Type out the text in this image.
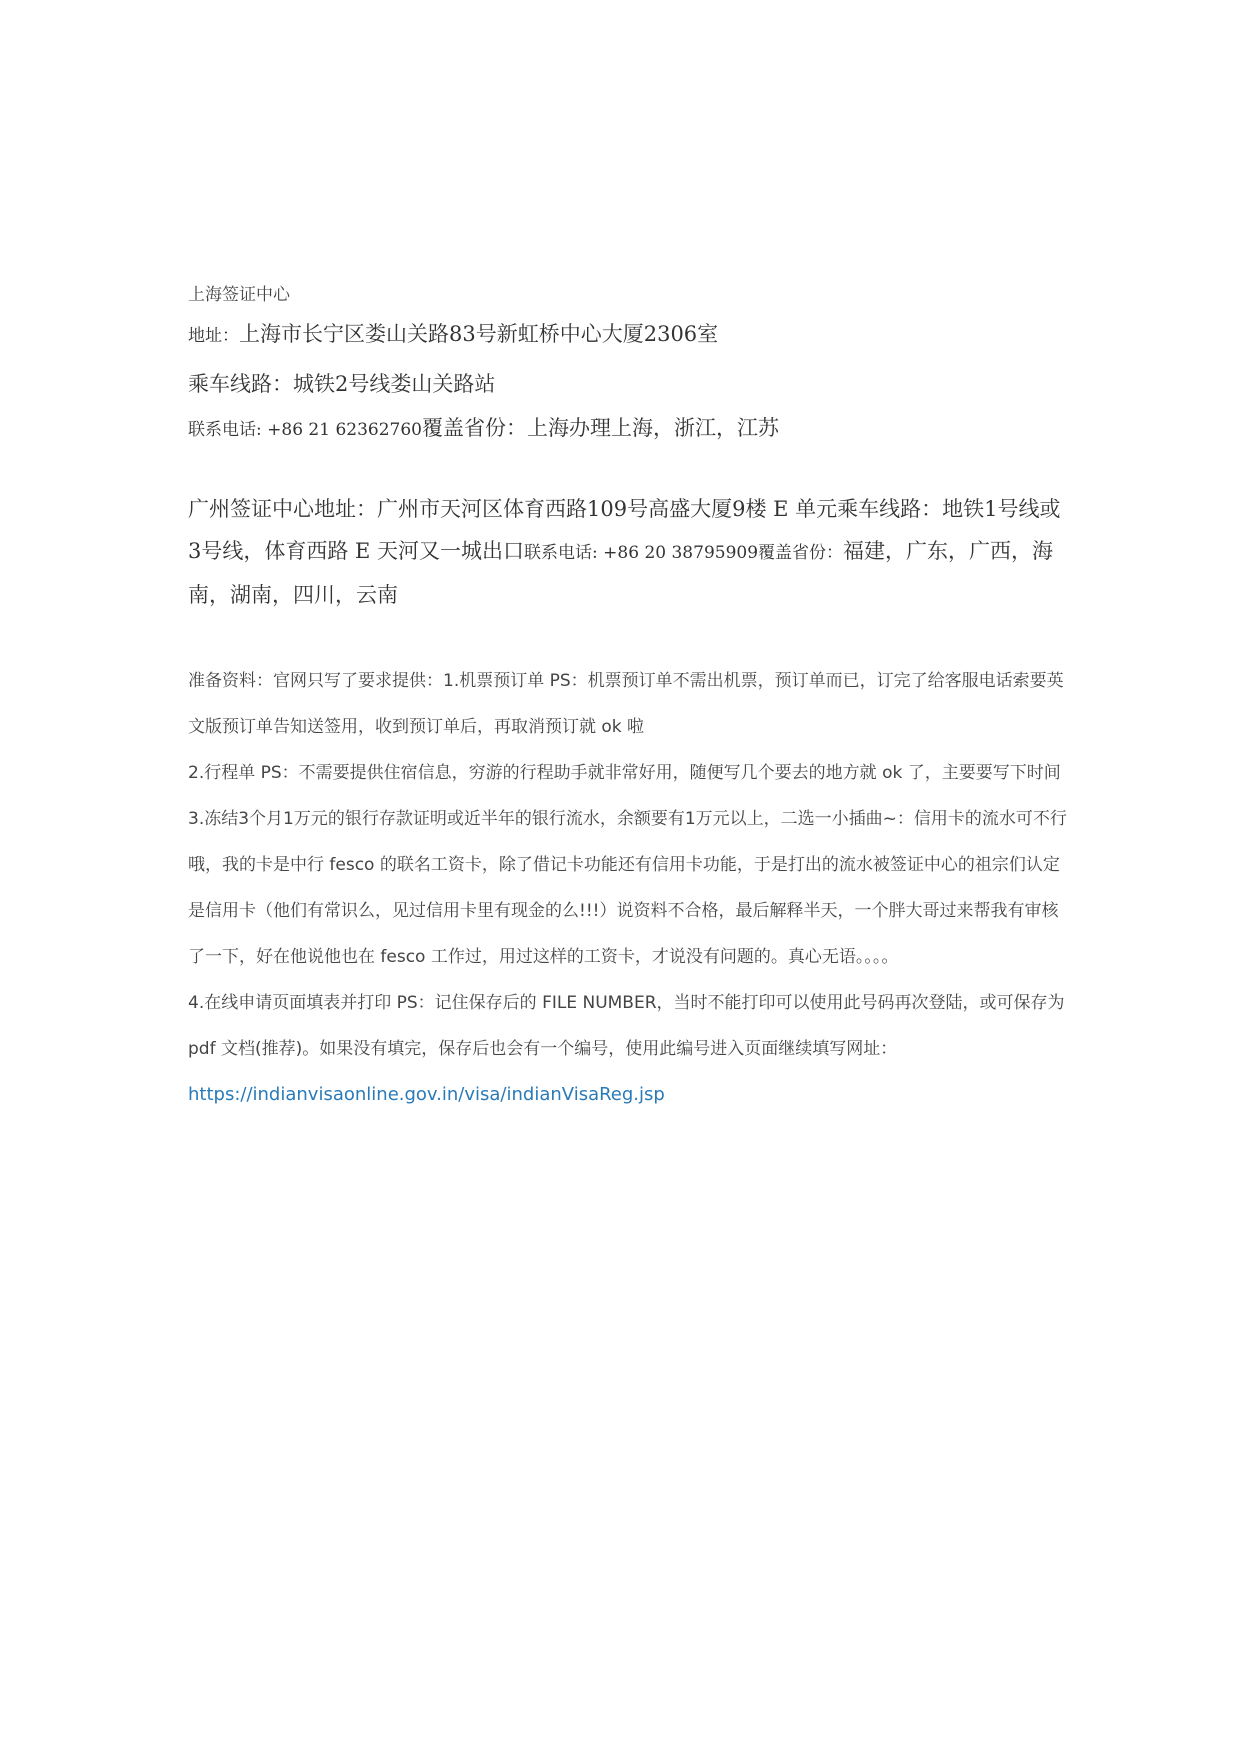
上海签证中心

地址：上海市长宁区娄山关路83号新虹桥中心大厦2306室

乘车线路：城铁2号线娄山关路站

联系电话: +86 21 62362760覆盖省份：上海办理上海，浙江，江苏

广州签证中心地址：广州市天河区体育西路109号高盛大厦9楼 E 单元乘车线路：地铁1号线或3号线，体育西路 E 天河又一城出口联系电话: +86 20 38795909覆盖省份：福建，广东，广西，海南，湖南，四川，云南

准备资料：官网只写了要求提供：1.机票预订单 PS：机票预订单不需出机票，预订单而已，订完了给客服电话索要英文版预订单告知送签用，收到预订单后，再取消预订就 ok 啦

2.行程单 PS：不需要提供住宿信息，穷游的行程助手就非常好用，随便写几个要去的地方就 ok 了，主要要写下时间

3.冻结3个月1万元的银行存款证明或近半年的银行流水，余额要有1万元以上，二选一小插曲~：信用卡的流水可不行哦，我的卡是中行 fesco 的联名工资卡，除了借记卡功能还有信用卡功能，于是打出的流水被签证中心的祖宗们认定是信用卡（他们有常识么，见过信用卡里有现金的么!!!）说资料不合格，最后解释半天，一个胖大哥过来帮我有审核了一下，好在他说他也在 fesco 工作过，用过这样的工资卡，才说没有问题的。真心无语。。。。

4.在线申请页面填表并打印 PS：记住保存后的 FILE NUMBER，当时不能打印可以使用此号码再次登陆，或可保存为 pdf 文档(推荐)。如果没有填完，保存后也会有一个编号，使用此编号进入页面继续填写网址：

https://indianvisaonline.gov.in/visa/indianVisaReg.jsp
